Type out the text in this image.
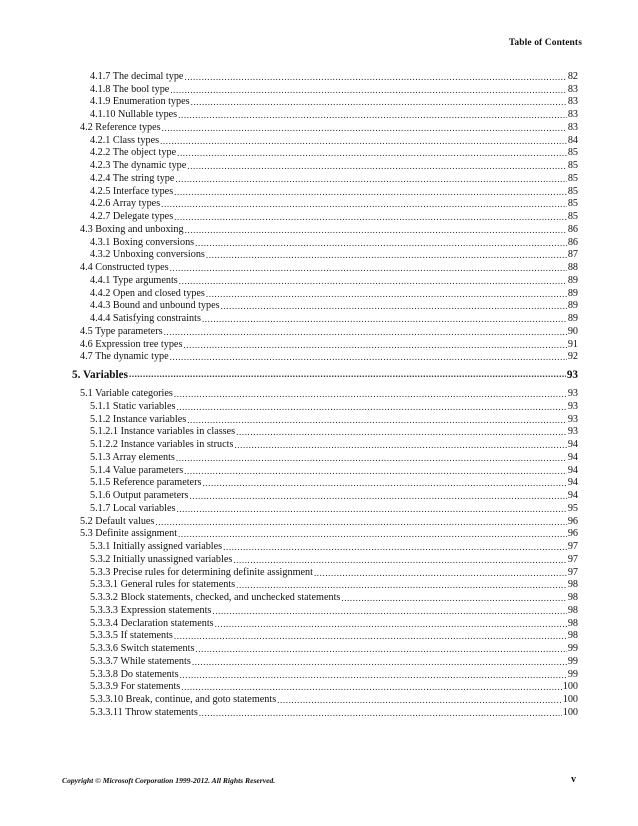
Table of Contents
4.1.7 The decimal type .....	82
4.1.8 The bool type .....	83
4.1.9 Enumeration types .....	83
4.1.10 Nullable types .....	83
4.2 Reference types .....	83
4.2.1 Class types .....	84
4.2.2 The object type .....	85
4.2.3 The dynamic type .....	85
4.2.4 The string type .....	85
4.2.5 Interface types .....	85
4.2.6 Array types .....	85
4.2.7 Delegate types .....	85
4.3 Boxing and unboxing .....	86
4.3.1 Boxing conversions .....	86
4.3.2 Unboxing conversions .....	87
4.4 Constructed types .....	88
4.4.1 Type arguments .....	89
4.4.2 Open and closed types .....	89
4.4.3 Bound and unbound types .....	89
4.4.4 Satisfying constraints .....	89
4.5 Type parameters .....	90
4.6 Expression tree types .....	91
4.7 The dynamic type .....	92
5. Variables .....	93
5.1 Variable categories .....	93
5.1.1 Static variables .....	93
5.1.2 Instance variables .....	93
5.1.2.1 Instance variables in classes .....	93
5.1.2.2 Instance variables in structs .....	94
5.1.3 Array elements .....	94
5.1.4 Value parameters .....	94
5.1.5 Reference parameters .....	94
5.1.6 Output parameters .....	94
5.1.7 Local variables .....	95
5.2 Default values .....	96
5.3 Definite assignment .....	96
5.3.1 Initially assigned variables .....	97
5.3.2 Initially unassigned variables .....	97
5.3.3 Precise rules for determining definite assignment .....	97
5.3.3.1 General rules for statements .....	98
5.3.3.2 Block statements, checked, and unchecked statements .....	98
5.3.3.3 Expression statements .....	98
5.3.3.4 Declaration statements .....	98
5.3.3.5 If statements .....	98
5.3.3.6 Switch statements .....	99
5.3.3.7 While statements .....	99
5.3.3.8 Do statements .....	99
5.3.3.9 For statements .....	100
5.3.3.10 Break, continue, and goto statements .....	100
5.3.3.11 Throw statements .....	100
Copyright © Microsoft Corporation 1999-2012. All Rights Reserved.	v
